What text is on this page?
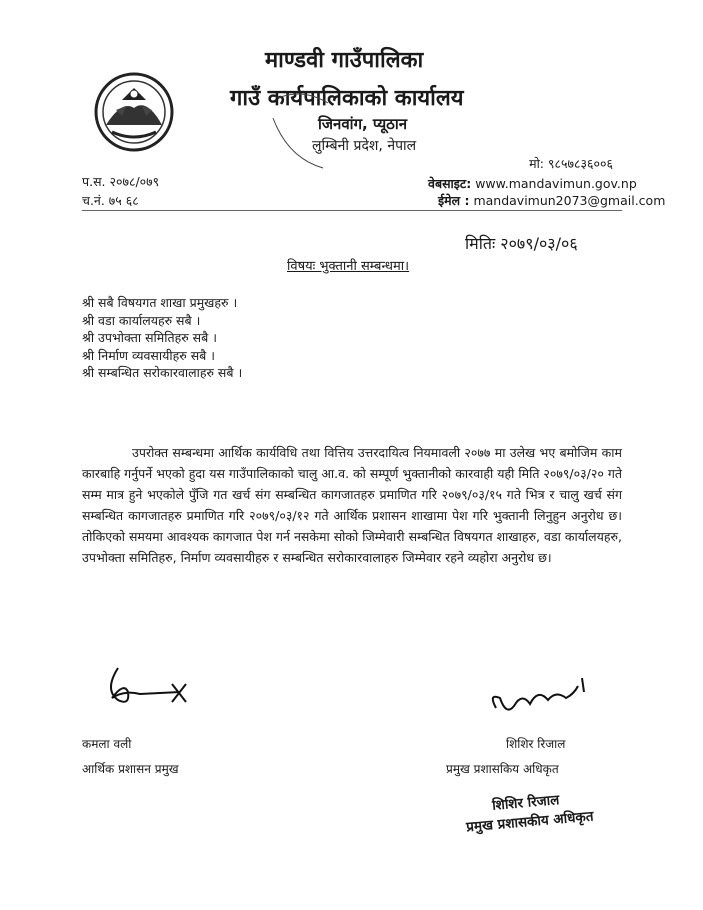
माण्डवी गाउँपालिका
गाउँ कार्यपालिकाको कार्यालय
जिनवांग, प्यूठान
लुम्बिनी प्रदेश, नेपाल
मो: ९८५७८३६००६
वेबसाइट: www.mandavimun.gov.np
ईमेल : mandavimun2073@gmail.com
प.स. २०७८/०७९
च.नं. ७५ ६८
मितिः २०७९/०३/०६
विषयः भुक्तानी सम्बन्धमा।
श्री सबै विषयगत शाखा प्रमुखहरु ।
श्री वडा कार्यालयहरु सबै ।
श्री उपभोक्ता समितिहरु सबै ।
श्री निर्माण व्यवसायीहरु सबै ।
श्री सम्बन्धित सरोकारवालाहरु सबै ।
उपरोक्त सम्बन्धमा आर्थिक कार्यविधि तथा वित्तिय उत्तरदायित्व नियमावली २०७७ मा उलेख भए बमोजिम काम कारबाहि गर्नुपर्ने भएको हुदा यस गाउँपालिकाको चालु आ.व. को सम्पूर्ण भुक्तानीको कारवाही यही मिति २०७९/०३/२० गते सम्म मात्र हुने भएकोले पुँजि गत खर्च संग सम्बन्धित कागजातहरु प्रमाणित गरि २०७९/०३/१५ गते भित्र र चालु खर्च संग सम्बन्धित कागजातहरु प्रमाणित गरि २०७९/०३/१२ गते आर्थिक प्रशासन शाखामा पेश गरि भुक्तानी लिनुहुन अनुरोध छ। तोकिएको समयमा आवश्यक कागजात पेश गर्न नसकेमा सोको जिम्मेवारी सम्बन्धित विषयगत शाखाहरु, वडा कार्यालयहरु, उपभोक्ता समितिहरु, निर्माण व्यवसायीहरु र सम्बन्धित सरोकारवालाहरु जिम्मेवार रहने व्यहोरा अनुरोध छ।
कमला वली
आर्थिक प्रशासन प्रमुख
शिशिर रिजाल
प्रमुख प्रशासकिय अधिकृत
शिशिर रिजाल
प्रमुख प्रशासकीय अधिकृत
